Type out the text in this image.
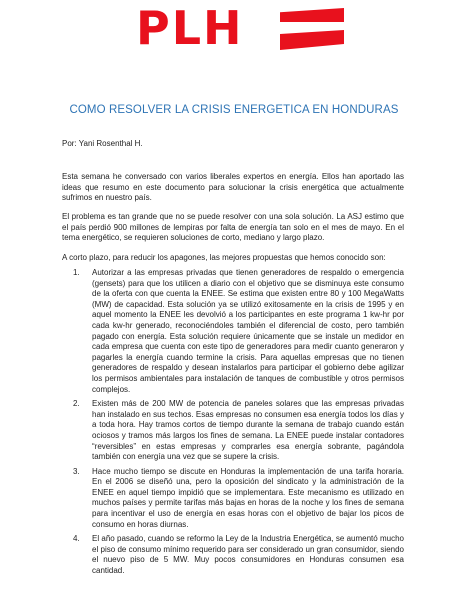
PLH
COMO RESOLVER LA CRISIS ENERGETICA EN HONDURAS
Por: Yani Rosenthal H.
Esta semana he conversado con varios liberales expertos en energía. Ellos han aportado las ideas que resumo en este documento para solucionar la crisis energética que actualmente sufrimos en nuestro país.
El problema es tan grande que no se puede resolver con una sola solución. La ASJ estimo que el país perdió 900 millones de lempiras por falta de energía tan solo en el mes de mayo. En el tema energético, se requieren soluciones de corto, mediano y largo plazo.
A corto plazo, para reducir los apagones, las mejores propuestas que hemos conocido son:
1. Autorizar a las empresas privadas que tienen generadores de respaldo o emergencia (gensets) para que los utilicen a diario con el objetivo que se disminuya este consumo de la oferta con que cuenta la ENEE. Se estima que existen entre 80 y 100 MegaWatts (MW) de capacidad. Esta solución ya se utilizó exitosamente en la crisis de 1995 y en aquel momento la ENEE les devolvió a los participantes en este programa 1 kw-hr por cada kw-hr generado, reconociéndoles también el diferencial de costo, pero también pagado con energía. Esta solución requiere únicamente que se instale un medidor en cada empresa que cuenta con este tipo de generadores para medir cuanto generaron y pagarles la energía cuando termine la crisis. Para aquellas empresas que no tienen generadores de respaldo y desean instalarlos para participar el gobierno debe agilizar los permisos ambientales para instalación de tanques de combustible y otros permisos complejos.
2. Existen más de 200 MW de potencia de paneles solares que las empresas privadas han instalado en sus techos. Esas empresas no consumen esa energía todos los días y a toda hora. Hay tramos cortos de tiempo durante la semana de trabajo cuando están ociosos y tramos más largos los fines de semana. La ENEE puede instalar contadores “reversibles” en estas empresas y comprarles esa energía sobrante, pagándola también con energía una vez que se supere la crisis.
3. Hace mucho tiempo se discute en Honduras la implementación de una tarifa horaria. En el 2006 se diseñó una, pero la oposición del sindicato y la administración de la ENEE en aquel tiempo impidió que se implementara. Este mecanismo es utilizado en muchos países y permite tarifas más bajas en horas de la noche y los fines de semana para incentivar el uso de energía en esas horas con el objetivo de bajar los picos de consumo en horas diurnas.
4. El año pasado, cuando se reformo la Ley de la Industria Energética, se aumentó mucho el piso de consumo mínimo requerido para ser considerado un gran consumidor, siendo el nuevo piso de 5 MW. Muy pocos consumidores en Honduras consumen esa cantidad.
